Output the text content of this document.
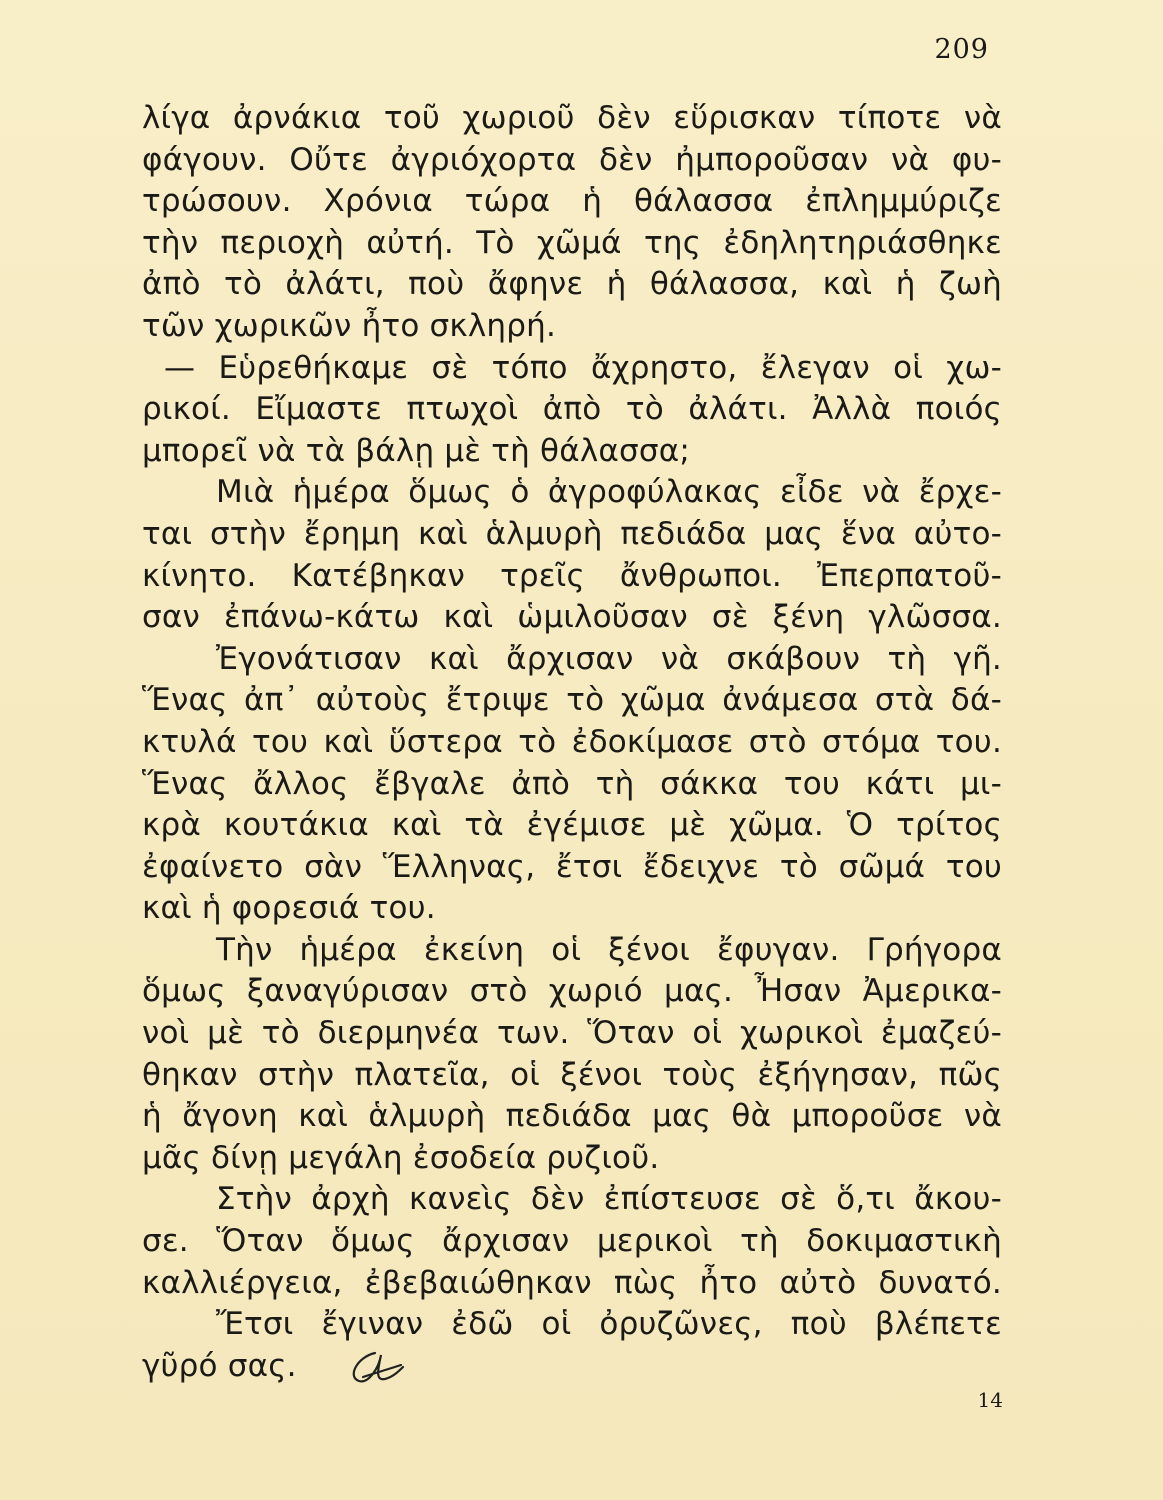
209
λίγα ἀρνάκια τοῦ χωριοῦ δὲν εὕρισκαν τίποτε νὰ
φάγουν. Οὔτε ἀγριόχορτα δὲν ἠμποροῦσαν νὰ φυ-
τρώσουν. Χρόνια τώρα ἡ θάλασσα ἐπλημμύριζε
τὴν περιοχὴ αὐτή. Τὸ χῶμά της ἐδηλητηριάσθηκε
ἀπὸ τὸ ἀλάτι, ποὺ ἄφηνε ἡ θάλασσα, καὶ ἡ ζωὴ
τῶν χωρικῶν ἦτο σκληρή.
— Εὑρεθήκαμε σὲ τόπο ἄχρηστο, ἔλεγαν οἱ χω-
ρικοί. Εἴμαστε πτωχοὶ ἀπὸ τὸ ἀλάτι. Ἀλλὰ ποιός
μπορεῖ νὰ τὰ βάλῃ μὲ τὴ θάλασσα;
Μιὰ ἡμέρα ὅμως ὁ ἀγροφύλακας εἶδε νὰ ἔρχε-
ται στὴν ἔρημη καὶ ἁλμυρὴ πεδιάδα μας ἕνα αὐτο-
κίνητο. Κατέβηκαν τρεῖς ἄνθρωποι. Ἐπερπατοῦ-
σαν ἐπάνω-κάτω καὶ ὡμιλοῦσαν σὲ ξένη γλῶσσα.
Ἐγονάτισαν καὶ ἄρχισαν νὰ σκάβουν τὴ γῆ.
Ἕνας ἀπ᾽ αὐτοὺς ἔτριψε τὸ χῶμα ἀνάμεσα στὰ δά-
κτυλά του καὶ ὕστερα τὸ ἐδοκίμασε στὸ στόμα του.
Ἕνας ἄλλος ἔβγαλε ἀπὸ τὴ σάκκα του κάτι μι-
κρὰ κουτάκια καὶ τὰ ἐγέμισε μὲ χῶμα. Ὁ τρίτος
ἐφαίνετο σὰν Ἕλληνας, ἔτσι ἔδειχνε τὸ σῶμά του
καὶ ἡ φορεσιά του.
Τὴν ἡμέρα ἐκείνη οἱ ξένοι ἔφυγαν. Γρήγορα
ὅμως ξαναγύρισαν στὸ χωριό μας. Ἦσαν Ἀμερικα-
νοὶ μὲ τὸ διερμηνέα των. Ὅταν οἱ χωρικοὶ ἐμαζεύ-
θηκαν στὴν πλατεῖα, οἱ ξένοι τοὺς ἐξήγησαν, πῶς
ἡ ἄγονη καὶ ἁλμυρὴ πεδιάδα μας θὰ μποροῦσε νὰ
μᾶς δίνῃ μεγάλη ἐσοδεία ρυζιοῦ.
Στὴν ἀρχὴ κανεὶς δὲν ἐπίστευσε σὲ ὅ,τι ἄκου-
σε. Ὅταν ὅμως ἄρχισαν μερικοὶ τὴ δοκιμαστικὴ
καλλιέργεια, ἐβεβαιώθηκαν πὼς ἦτο αὐτὸ δυνατό.
Ἔτσι ἔγιναν ἐδῶ οἱ ὀρυζῶνες, ποὺ βλέπετε
γῦρό σας.
14
